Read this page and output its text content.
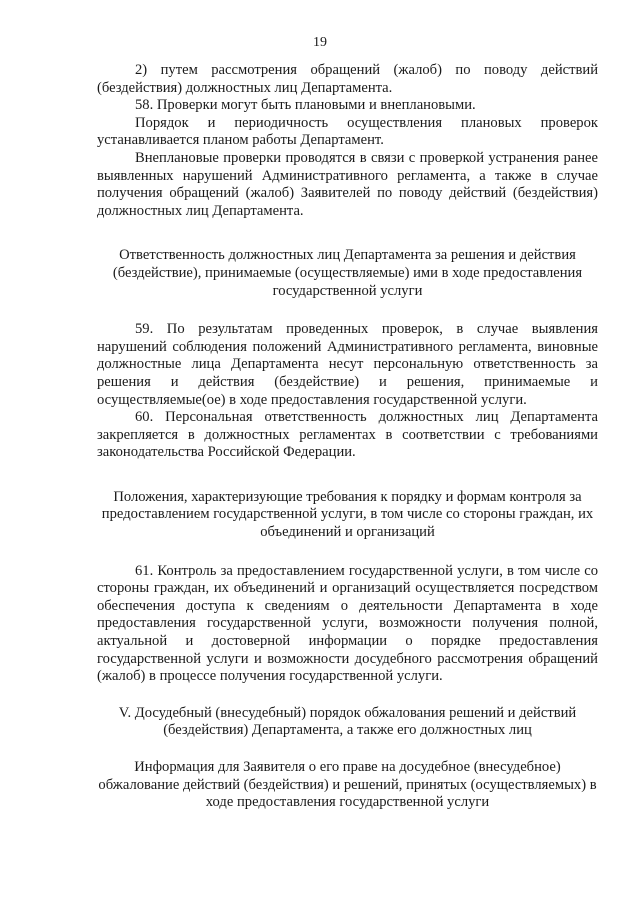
19

2) путем рассмотрения обращений (жалоб) по поводу действий (бездействия) должностных лиц Департамента.

58. Проверки могут быть плановыми и внеплановыми.

Порядок и периодичность осуществления плановых проверок устанавливается планом работы Департамент.

Внеплановые проверки проводятся в связи с проверкой устранения ранее выявленных нарушений Административного регламента, а также в случае получения обращений (жалоб) Заявителей по поводу действий (бездействия) должностных лиц Департамента.

Ответственность должностных лиц Департамента за решения и действия (бездействие), принимаемые (осуществляемые) ими в ходе предоставления государственной услуги

59. По результатам проведенных проверок, в случае выявления нарушений соблюдения положений Административного регламента, виновные должностные лица Департамента несут персональную ответственность за решения и действия (бездействие) и решения, принимаемые и осуществляемые(ое) в ходе предоставления государственной услуги.

60. Персональная ответственность должностных лиц Департамента закрепляется в должностных регламентах в соответствии с требованиями законодательства Российской Федерации.

Положения, характеризующие требования к порядку и формам контроля за предоставлением государственной услуги, в том числе со стороны граждан, их объединений и организаций

61. Контроль за предоставлением государственной услуги, в том числе со стороны граждан, их объединений и организаций осуществляется посредством обеспечения доступа к сведениям о деятельности Департамента в ходе предоставления государственной услуги, возможности получения полной, актуальной и достоверной информации о порядке предоставления государственной услуги и возможности досудебного рассмотрения обращений (жалоб) в процессе получения государственной услуги.

V. Досудебный (внесудебный) порядок обжалования решений и действий (бездействия) Департамента, а также его должностных лиц

Информация для Заявителя о его праве на досудебное (внесудебное) обжалование действий (бездействия) и решений, принятых (осуществляемых) в ходе предоставления государственной услуги
